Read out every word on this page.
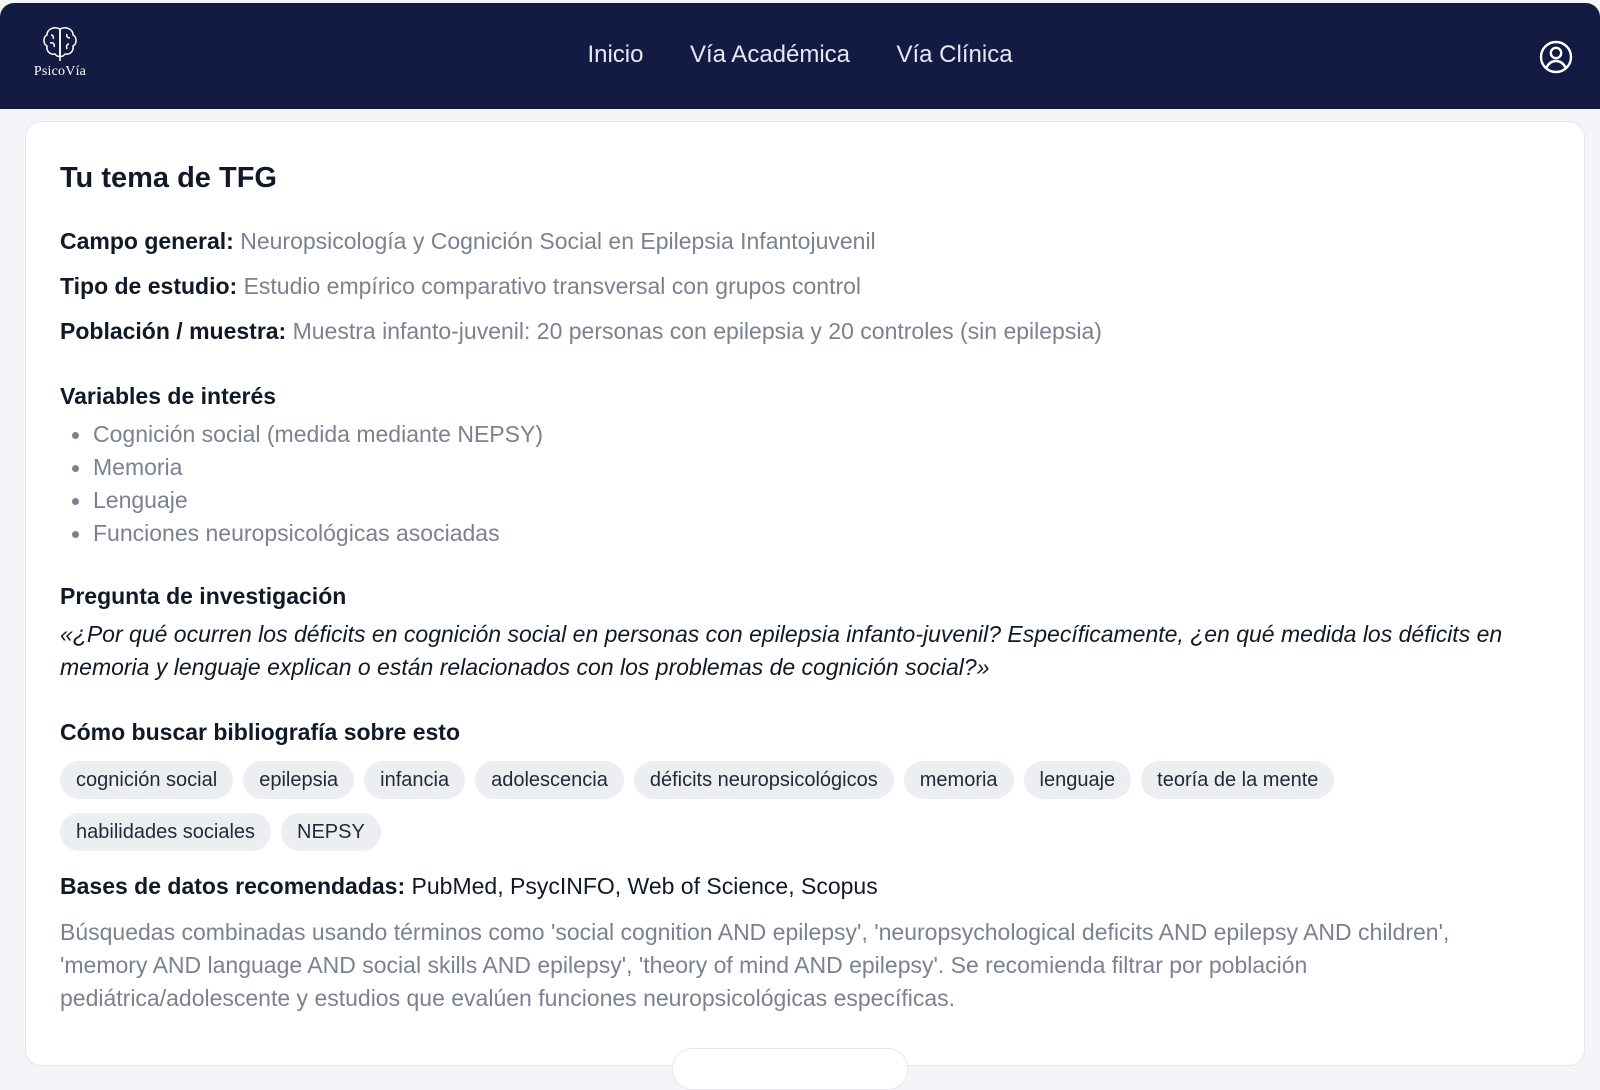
PsicoVía
Inicio Vía Académica Vía Clínica
Tu tema de TFG
Campo general: Neuropsicología y Cognición Social en Epilepsia Infantojuvenil
Tipo de estudio: Estudio empírico comparativo transversal con grupos control
Población / muestra: Muestra infanto-juvenil: 20 personas con epilepsia y 20 controles (sin epilepsia)
Variables de interés
Cognición social (medida mediante NEPSY)
Memoria
Lenguaje
Funciones neuropsicológicas asociadas
Pregunta de investigación

«¿Por qué ocurren los déficits en cognición social en personas con epilepsia infanto-juvenil? Específicamente, ¿en qué medida los déficits en memoria y lenguaje explican o están relacionados con los problemas de cognición social?»

Cómo buscar bibliografía sobre esto
cognición social epilepsia infancia adolescencia déficits neuropsicológicos memoria lenguaje teoría de la mente
habilidades sociales NEPSY
Bases de datos recomendadas: PubMed, PsycINFO, Web of Science, Scopus

Búsquedas combinadas usando términos como 'social cognition AND epilepsy', 'neuropsychological deficits AND epilepsy AND children', 'memory AND language AND social skills AND epilepsy', 'theory of mind AND epilepsy'. Se recomienda filtrar por población pediátrica/adolescente y estudios que evalúen funciones neuropsicológicas específicas.
